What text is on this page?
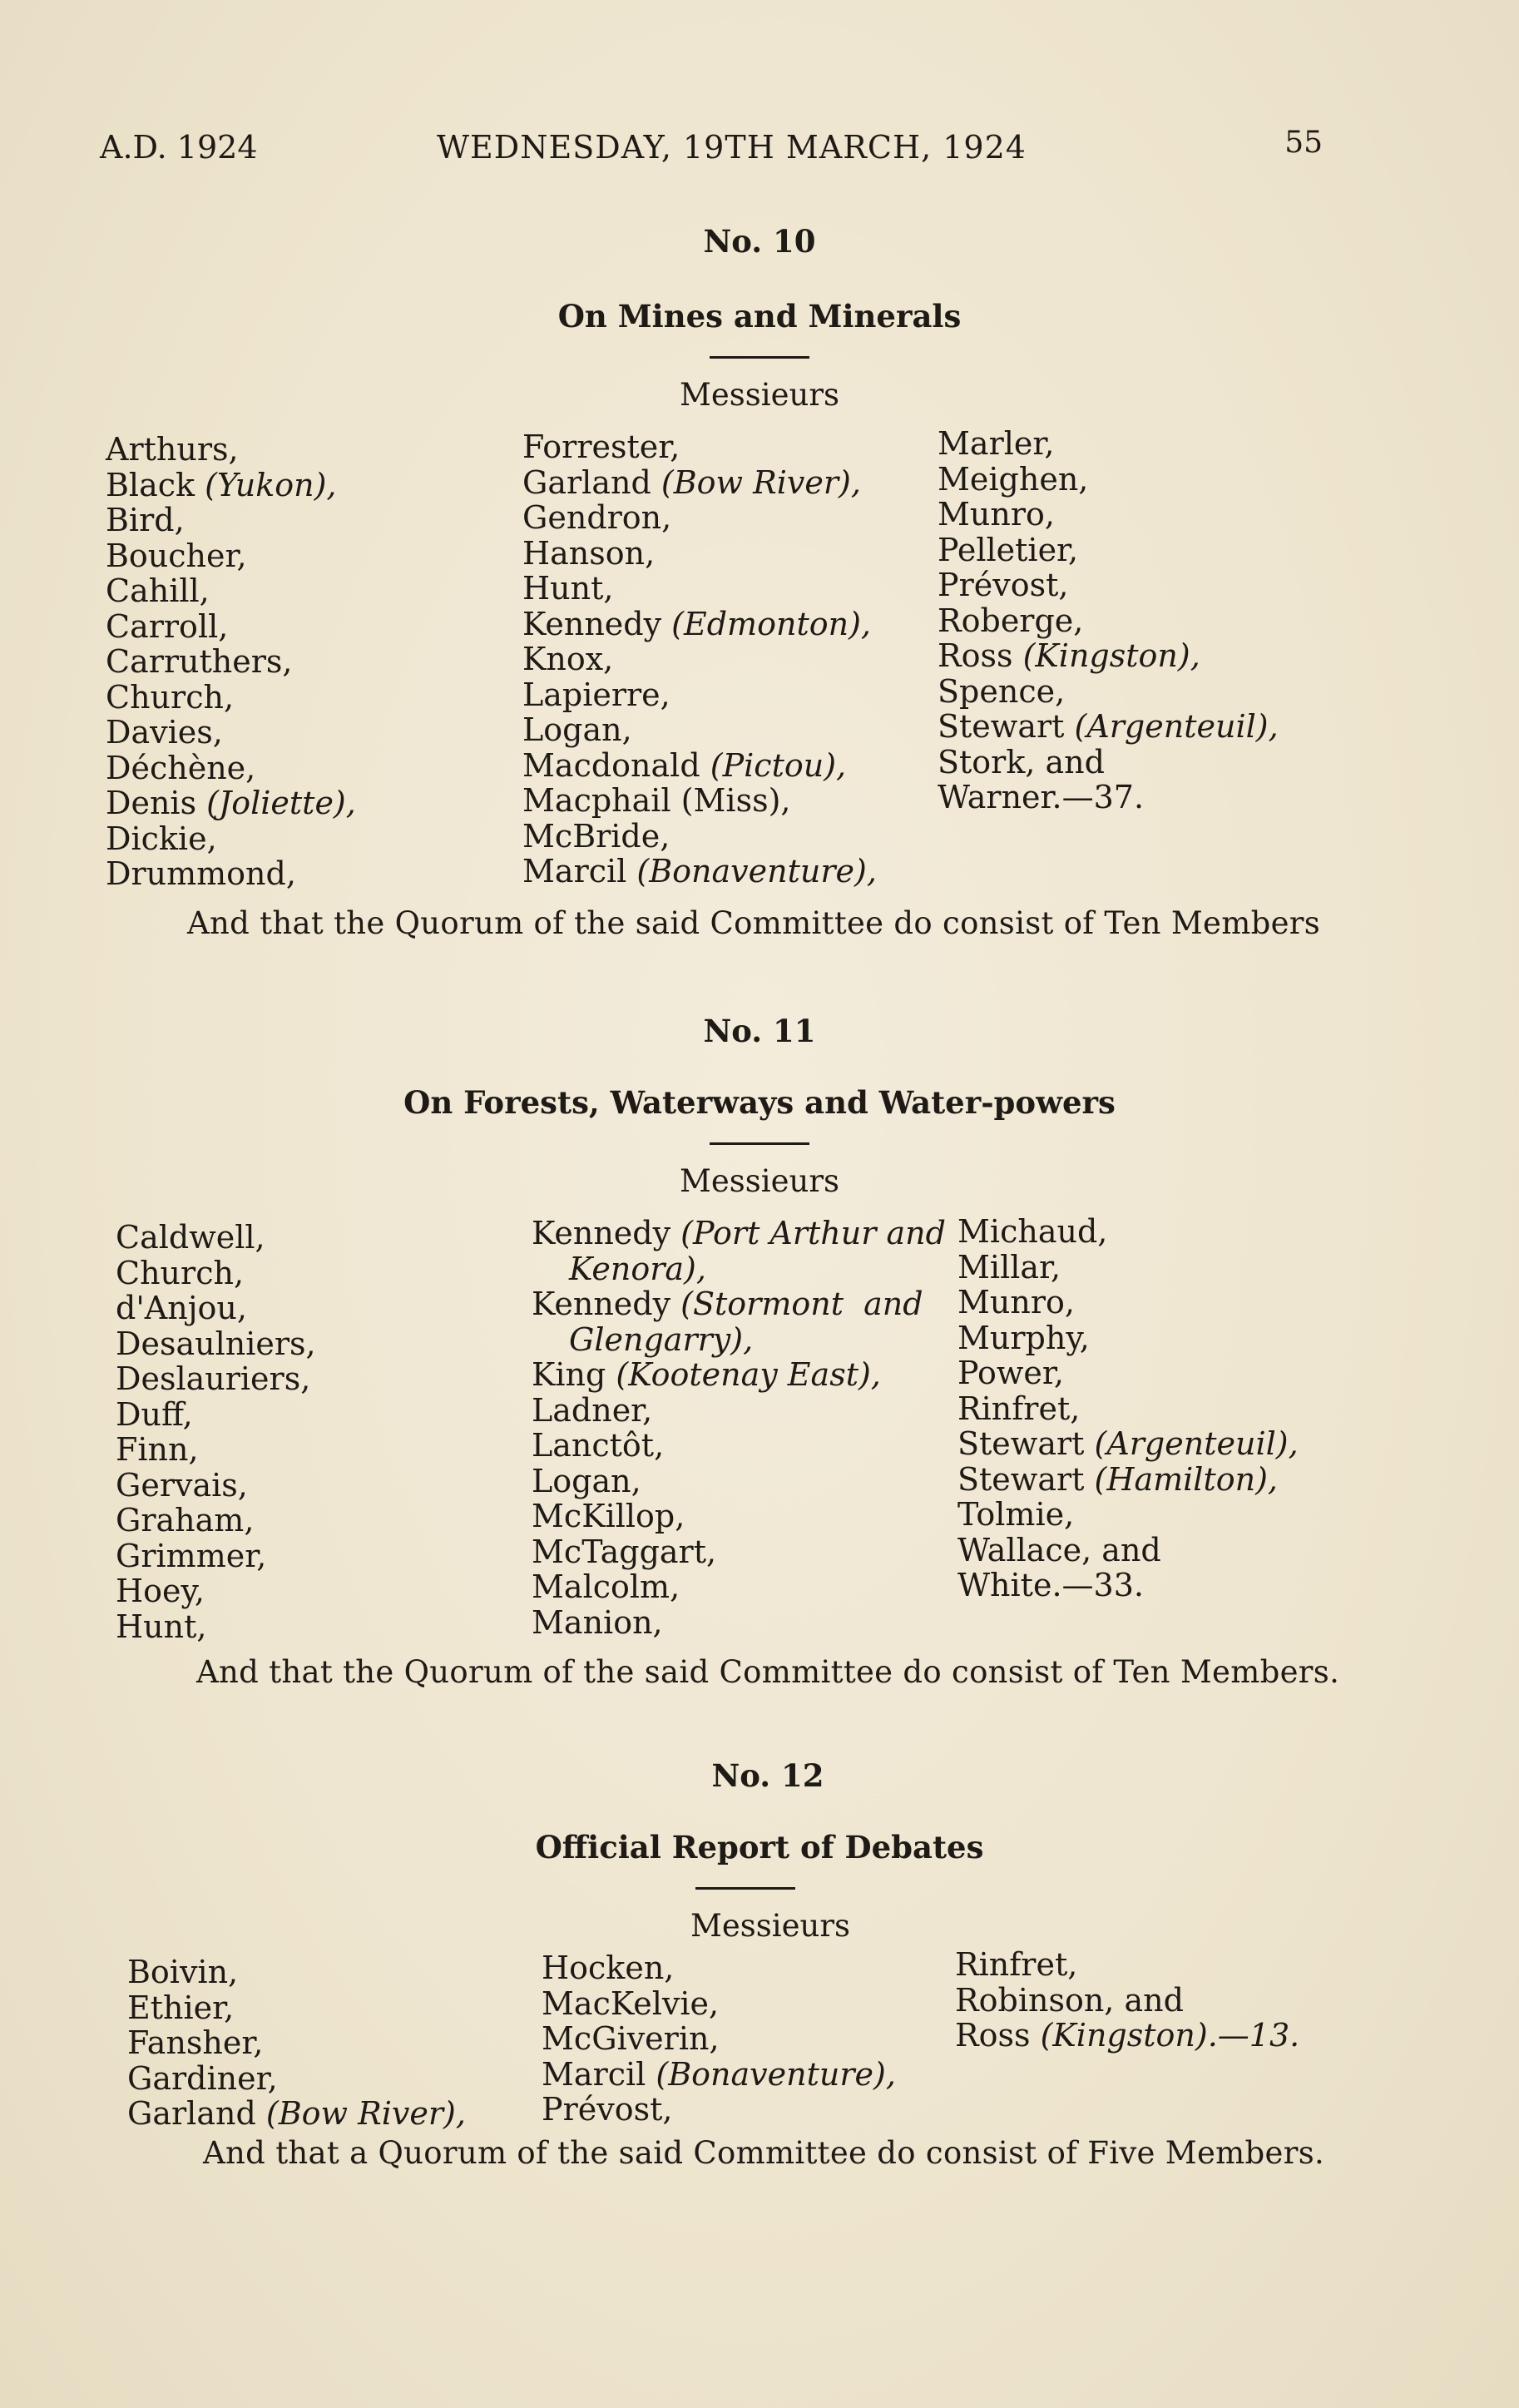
A.D. 1924	WEDNESDAY, 19TH MARCH, 1924	55
No. 10
On Mines and Minerals
Messieurs
Arthurs,
Black (Yukon),
Bird,
Boucher,
Cahill,
Carroll,
Carruthers,
Church,
Davies,
Déchène,
Denis (Joliette),
Dickie,
Drummond,
Forrester,
Garland (Bow River),
Gendron,
Hanson,
Hunt,
Kennedy (Edmonton),
Knox,
Lapierre,
Logan,
Macdonald (Pictou),
Macphail (Miss),
McBride,
Marcil (Bonaventure),
Marler,
Meighen,
Munro,
Pelletier,
Prévost,
Roberge,
Ross (Kingston),
Spence,
Stewart (Argenteuil),
Stork, and
Warner.—37.
And that the Quorum of the said Committee do consist of Ten Members
No. 11
On Forests, Waterways and Water-powers
Messieurs
Caldwell,
Church,
d'Anjou,
Desaulniers,
Deslauriers,
Duff,
Finn,
Gervais,
Graham,
Grimmer,
Hoey,
Hunt,
Kennedy (Port Arthur and
Kenora),
Kennedy (Stormont  and
Glengarry),
King (Kootenay East),
Ladner,
Lanctôt,
Logan,
McKillop,
McTaggart,
Malcolm,
Manion,
Michaud,
Millar,
Munro,
Murphy,
Power,
Rinfret,
Stewart (Argenteuil),
Stewart (Hamilton),
Tolmie,
Wallace, and
White.—33.
And that the Quorum of the said Committee do consist of Ten Members.
No. 12
Official Report of Debates
Messieurs
Boivin,
Ethier,
Fansher,
Gardiner,
Garland (Bow River),
Hocken,
MacKelvie,
McGiverin,
Marcil (Bonaventure),
Prévost,
Rinfret,
Robinson, and
Ross (Kingston).—13.
And that a Quorum of the said Committee do consist of Five Members.
